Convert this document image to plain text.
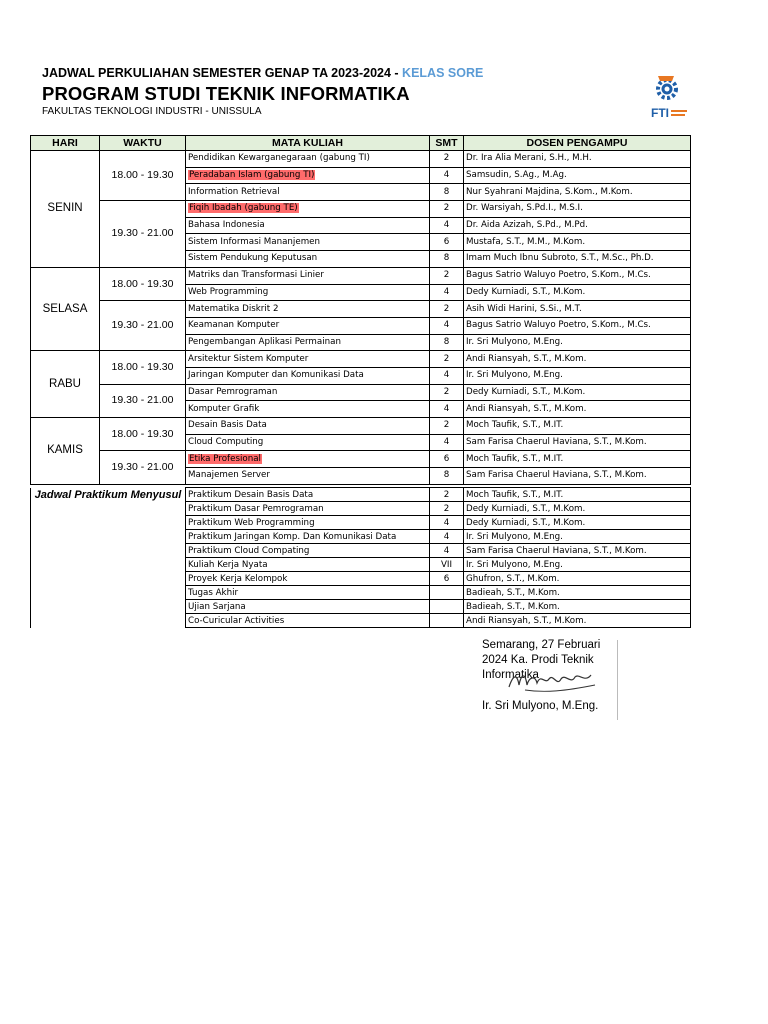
JADWAL PERKULIAHAN SEMESTER GENAP TA 2023-2024 - KELAS SORE
PROGRAM STUDI TEKNIK INFORMATIKA
FAKULTAS TEKNOLOGI INDUSTRI - UNISSULA	FTI
HARI	WAKTU	MATA KULIAH	SMT	DOSEN PENGAMPU
SENIN	18.00 - 19.30	Pendidikan Kewarganegaraan (gabung TI)	2	Dr. Ira Alia Merani, S.H., M.H.
		Peradaban Islam (gabung TI)	4	Samsudin, S.Ag., M.Ag.
		Information Retrieval	8	Nur Syahrani Majdina, S.Kom., M.Kom.
	19.30 - 21.00	Fiqih Ibadah (gabung TE)	2	Dr. Warsiyah, S.Pd.I., M.S.I.
		Bahasa Indonesia	4	Dr. Aida Azizah, S.Pd., M.Pd.
		Sistem Informasi Mananjemen	6	Mustafa, S.T., M.M., M.Kom.
		Sistem Pendukung Keputusan	8	Imam Much Ibnu Subroto, S.T., M.Sc., Ph.D.
SELASA	18.00 - 19.30	Matriks dan Transformasi Linier	2	Bagus Satrio Waluyo Poetro, S.Kom., M.Cs.
		Web Programming	4	Dedy Kurniadi, S.T., M.Kom.
	19.30 - 21.00	Matematika Diskrit 2	2	Asih Widi Harini, S.Si., M.T.
		Keamanan Komputer	4	Bagus Satrio Waluyo Poetro, S.Kom., M.Cs.
		Pengembangan Aplikasi Permainan	8	Ir. Sri Mulyono, M.Eng.
RABU	18.00 - 19.30	Arsitektur Sistem Komputer	2	Andi Riansyah, S.T., M.Kom.
		Jaringan Komputer dan Komunikasi Data	4	Ir. Sri Mulyono, M.Eng.
	19.30 - 21.00	Dasar Pemrograman	2	Dedy Kurniadi, S.T., M.Kom.
		Komputer Grafik	4	Andi Riansyah, S.T., M.Kom.
KAMIS	18.00 - 19.30	Desain Basis Data	2	Moch Taufik, S.T., M.IT.
		Cloud Computing	4	Sam Farisa Chaerul Haviana, S.T., M.Kom.
	19.30 - 21.00	Etika Profesional	6	Moch Taufik, S.T., M.IT.
		Manajemen Server	8	Sam Farisa Chaerul Haviana, S.T., M.Kom.
Jadwal Praktikum Menyusul	Praktikum Desain Basis Data	2	Moch Taufik, S.T., M.IT.
	Praktikum Dasar Pemrograman	2	Dedy Kurniadi, S.T., M.Kom.
	Praktikum Web Programming	4	Dedy Kurniadi, S.T., M.Kom.
	Praktikum Jaringan Komp. Dan Komunikasi Data	4	Ir. Sri Mulyono, M.Eng.
	Praktikum Cloud Compating	4	Sam Farisa Chaerul Haviana, S.T., M.Kom.
	Kuliah Kerja Nyata	VII	Ir. Sri Mulyono, M.Eng.
	Proyek Kerja Kelompok	6	Ghufron, S.T., M.Kom.
	Tugas Akhir		Badieah, S.T., M.Kom.
	Ujian Sarjana		Badieah, S.T., M.Kom.
	Co-Curicular Activities		Andi Riansyah, S.T., M.Kom.
Semarang, 27 Februari 2024 Ka. Prodi Teknik Informatika
Ir. Sri Mulyono, M.Eng.
